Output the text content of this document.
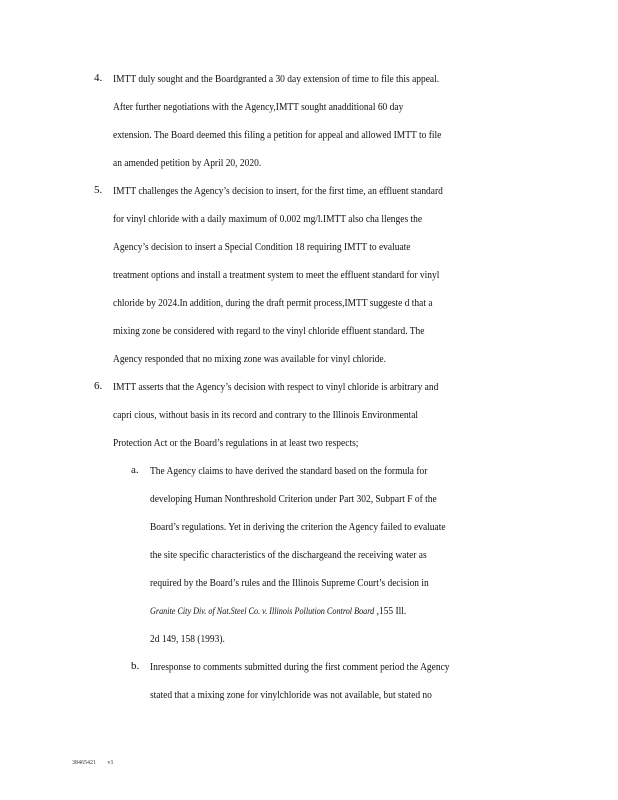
4. IMTT duly sought and the Boardgranted a 30 day extension of time to file this appeal.
After further negotiations with the Agency,IMTT sought anadditional 60 day
extension. The Board deemed this filing a petition for appeal and allowed IMTT to file
an amended petition by April 20, 2020.
5. IMTT challenges the Agency’s decision to insert, for the first time, an effluent standard
for vinyl chloride with a daily maximum of 0.002 mg/l.IMTT also cha llenges the
Agency’s decision to insert a Special Condition 18 requiring IMTT to evaluate
treatment options and install a treatment system to meet the effluent standard for vinyl
chloride by 2024.In addition, during the draft permit process,IMTT suggeste d that a
mixing zone be considered with regard to the vinyl chloride effluent standard. The
Agency responded that no mixing zone was available for vinyl chloride.
6. IMTT asserts that the Agency’s decision with respect to vinyl chloride is arbitrary and
capri cious, without basis in its record and contrary to the Illinois Environmental
Protection Act or the Board’s regulations in at least two respects;
a. The Agency claims to have derived the standard based on the formula for
developing Human Nonthreshold Criterion under Part 302, Subpart F of the
Board’s regulations. Yet in deriving the criterion the Agency failed to evaluate
the site specific characteristics of the dischargeand the receiving water as
required by the Board’s rules and the Illinois Supreme Court’s decision in
Granite City Div. of Nat.Steel Co. v. Illinois Pollution Control Board ,155 Ill.
2d 149, 158 (1993).
b. Inresponse to comments submitted during the first comment period the Agency
stated that a mixing zone for vinylchloride was not available, but stated no
38465421 v1
